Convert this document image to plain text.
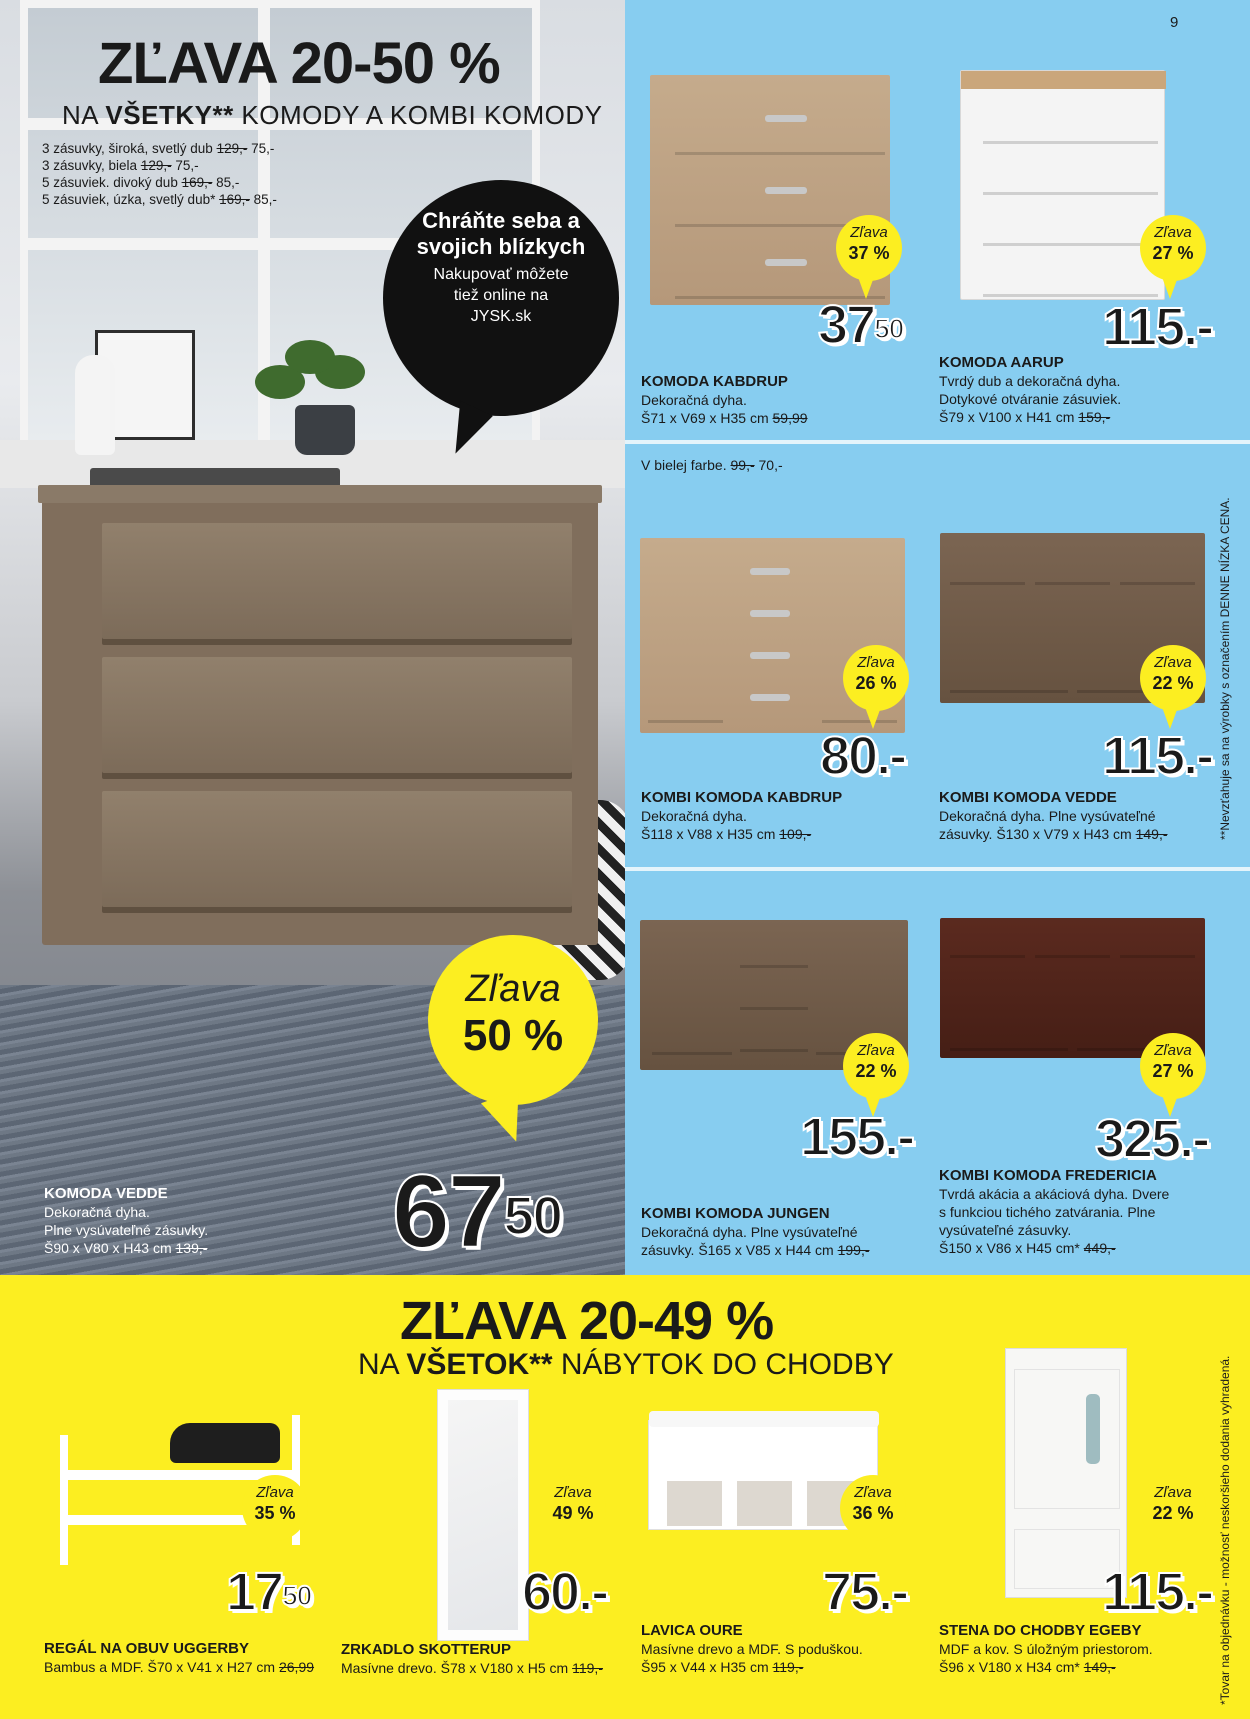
ZĽAVA 20-50 %
NA VŠETKY** KOMODY A KOMBI KOMODY
3 zásuvky, široká, svetlý dub 129,- 75,-
3 zásuvky, biela 129,- 75,-
5 zásuviek. divoký dub 169,- 85,-
5 zásuviek, úzka, svetlý dub* 169,- 85,-
Chráňte seba a
svojich blízkych
Nakupovať môžete
tiež online na
JYSK.sk
Zľava
50 %
$67^{50}$
KOMODA VEDDE
Dekoračná dyha.
Plne vysúvateľné zásuvky.
Š90 x V80 x H43 cm 139,-
9
Zľava
37 %
$37^{50}$
KOMODA KABDRUP
Dekoračná dyha.
Š71 x V69 x H35 cm 59,99
V bielej farbe. 99,- 70,-
Zľava
27 %
115.-
KOMODA AARUP
Tvrdý dub a dekoračná dyha.
Dotykové otváranie zásuviek.
Š79 x V100 x H41 cm 159,-
Zľava
26 %
80.-
KOMBI KOMODA KABDRUP
Dekoračná dyha.
Š118 x V88 x H35 cm 109,-
Zľava
22 %
115.-
KOMBI KOMODA VEDDE
Dekoračná dyha. Plne vysúvateľné
zásuvky. Š130 x V79 x H43 cm 149,-
Zľava
22 %
155.-
KOMBI KOMODA JUNGEN
Dekoračná dyha. Plne vysúvateľné
zásuvky. Š165 x V85 x H44 cm 199,-
Zľava
27 %
325.-
KOMBI KOMODA FREDERICIA
Tvrdá akácia a akáciová dyha. Dvere
s funkciou tichého zatvárania. Plne
vysúvateľné zásuvky.
Š150 x V86 x H45 cm* 449,-
**Nevzťahuje sa na výrobky s označením DENNE NÍZKA CENA.
ZĽAVA 20-49 %
NA VŠETOK** NÁBYTOK DO CHODBY	*Tovar na objednávku - možnosť neskoršieho dodania vyhradená.
Zľava
35 %
$17^{50}$
REGÁL NA OBUV UGGERBY
Bambus a MDF. Š70 x V41 x H27 cm 26,99
Zľava
49 %
60.-
ZRKADLO SKOTTERUP
Masívne drevo. Š78 x V180 x H5 cm 119,-
Zľava
36 %
75.-
LAVICA OURE
Masívne drevo a MDF. S poduškou.
Š95 x V44 x H35 cm 119,-
Zľava
22 %
115.-
STENA DO CHODBY EGEBY
MDF a kov. S úložným priestorom.
Š96 x V180 x H34 cm* 149,-
